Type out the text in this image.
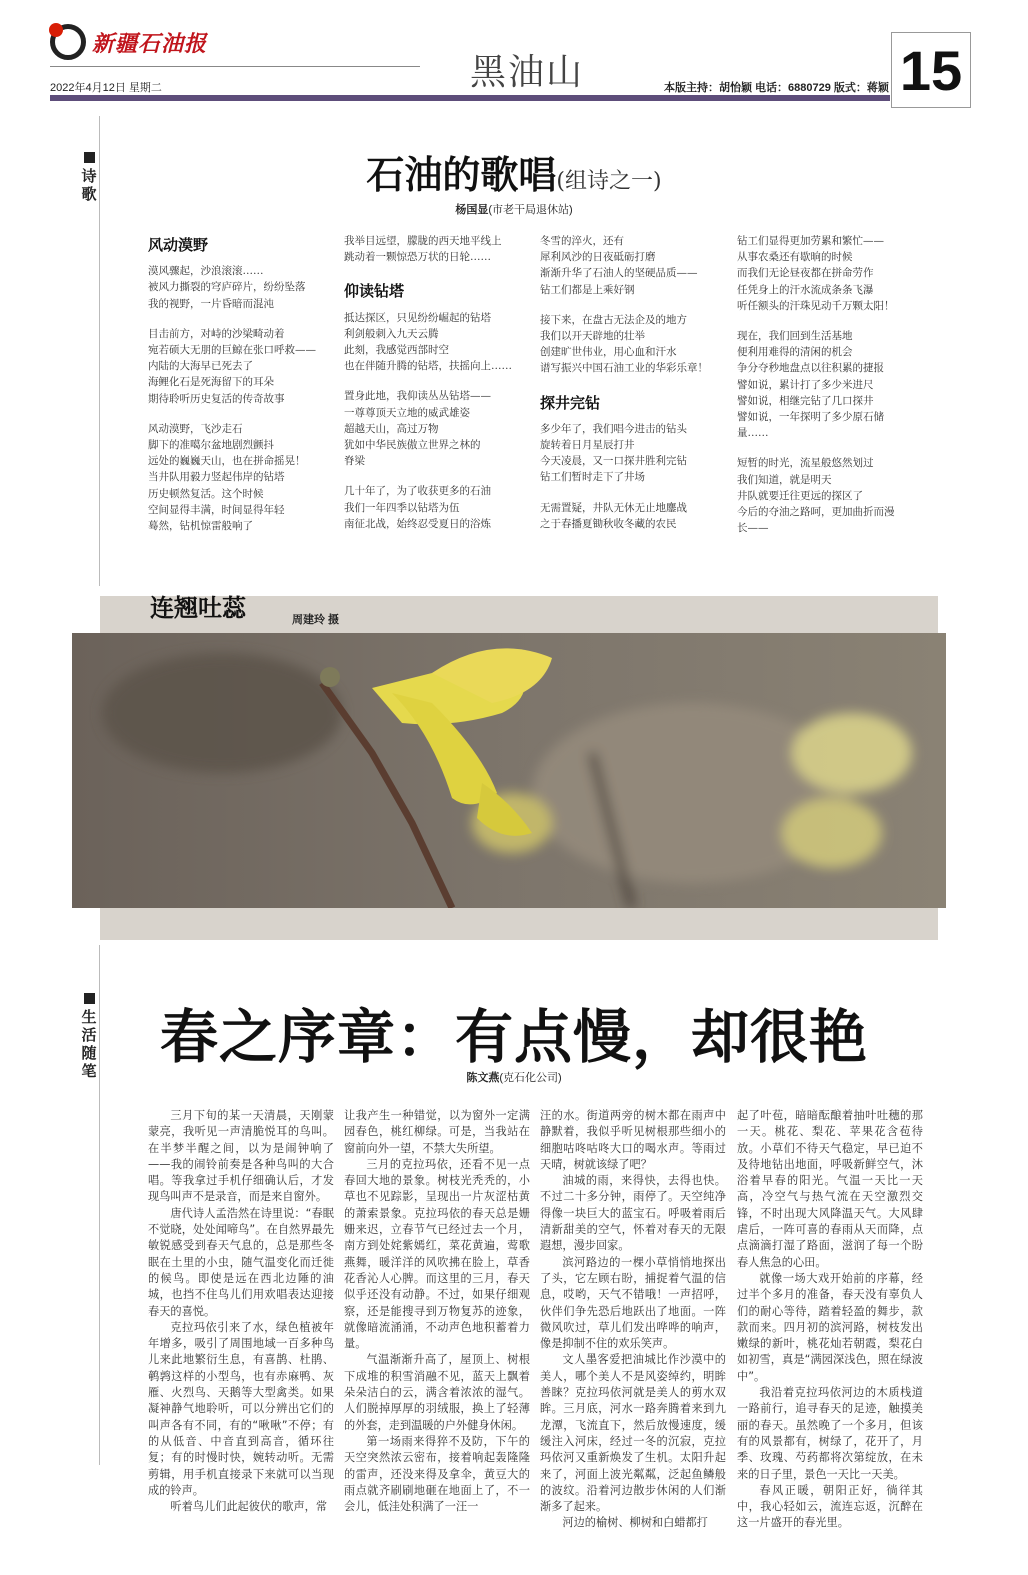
新疆石油报
2022年4月12日 星期二	黑油山	本版主持：胡怡颖 电话：6880729 版式：蒋颖 15
诗歌
生活随笔
石油的歌唱(组诗之一)
杨国显(市老干局退休站)
风动漠野
漠风骤起，沙浪滚滚……
被风力撕裂的穹庐碎片，纷纷坠落
我的视野，一片昏暗而混沌
目击前方，对峙的沙梁畸动着
宛若硕大无朋的巨鲸在张口呼救——
内陆的大海早已死去了
海鲤化石是死海留下的耳朵
期待聆听历史复活的传奇故事
风动漠野，飞沙走石
脚下的准噶尔盆地剧烈颤抖
远处的巍巍天山，也在拼命摇晃！
当井队用毅力竖起伟岸的钻塔
历史顿然复活。这个时候
空间显得丰满，时间显得年轻
蓦然，钻机惊雷般响了
我举目远望，朦胧的西天地平线上
跳动着一颗惊恐万状的日轮……
仰读钻塔
抵达探区，只见纷纷崛起的钻塔
利剑般刺入九天云腾
此刻，我感觉西部时空
也在伴随升腾的钻塔，扶摇向上……
置身此地，我仰读丛丛钻塔——
一尊尊顶天立地的威武雄姿
超越天山，高过万物
犹如中华民族傲立世界之林的
脊梁
几十年了，为了收获更多的石油
我们一年四季以钻塔为伍
南征北战，始终忍受夏日的浴炼
冬雪的淬火，还有
犀利风沙的日夜砥砺打磨
渐渐升华了石油人的坚硬品质——
钻工们都是上乘好钢
接下来，在盘古无法企及的地方
我们以开天辟地的壮举
创建旷世伟业，用心血和汗水
谱写振兴中国石油工业的华彩乐章！
探井完钻
多少年了，我们唱今进击的钻头
旋转着日月星辰打井
今天凌晨，又一口探井胜利完钻
钻工们暂时走下了井场
无需置疑，井队无休无止地鏖战
之于春播夏锄秋收冬藏的农民
钻工们显得更加劳累和繁忙——
从事农桑还有歇晌的时候
而我们无论昼夜都在拼命劳作
任凭身上的汗水流成条条飞瀑
听任额头的汗珠见动千万颗太阳！
现在，我们回到生活基地
便利用难得的清闲的机会
争分夺秒地盘点以往积累的捷报
譬如说，累计打了多少米进尺
譬如说，相继完钻了几口探井
譬如说，一年探明了多少原石储
量……
短暂的时光，流星般悠然划过
我们知道，就是明天
井队就要迁往更远的探区了
今后的夺油之路呵，更加曲折而漫
长——
连翘吐蕊	周建玲 摄
春之序章：有点慢，却很艳
陈文燕(克石化公司)

三月下旬的某一天清晨，天刚蒙蒙亮，我听见一声清脆悦耳的鸟叫。在半梦半醒之间，以为是闹钟响了——我的闹铃前奏是各种鸟叫的大合唱。等我拿过手机仔细确认后，才发现鸟叫声不是录音，而是来自窗外。

唐代诗人孟浩然在诗里说：“春眠不觉晓，处处闻啼鸟”。在自然界最先敏锐感受到春天气息的，总是那些冬眠在土里的小虫，随气温变化而迁徙的候鸟。即使是远在西北边陲的油城，也挡不住鸟儿们用欢唱表达迎接春天的喜悦。

克拉玛依引来了水，绿色植被年年增多，吸引了周围地域一百多种鸟儿来此地繁衍生息，有喜鹊、杜鹃、鹌鹑这样的小型鸟，也有赤麻鸭、灰雁、火烈鸟、天鹅等大型禽类。如果凝神静气地聆听，可以分辨出它们的叫声各有不同，有的“啾啾”不停；有的从低音、中音直到高音，循环往复；有的时慢时快，婉转动听。无需剪辑，用手机直接录下来就可以当现成的铃声。

听着鸟儿们此起彼伏的歌声，常

让我产生一种错觉，以为窗外一定满园春色，桃红柳绿。可是，当我站在窗前向外一望，不禁大失所望。

三月的克拉玛依，还看不见一点春回大地的景象。树枝光秃秃的，小草也不见踪影，呈现出一片灰涩枯黄的萧索景象。克拉玛依的春天总是姗姗来迟，立春节气已经过去一个月，南方到处姹紫嫣红，菜花黄遍，莺歌燕舞，暖洋洋的风吹拂在脸上，草香花香沁人心脾。而这里的三月，春天似乎还没有动静。不过，如果仔细观察，还是能搜寻到万物复苏的迹象，就像暗流涌涌，不动声色地积蓄着力量。

气温渐渐升高了，屋顶上、树根下成堆的积雪消融不见，蓝天上飘着朵朵洁白的云，满含着浓浓的湿气。人们脱掉厚厚的羽绒服，换上了轻薄的外套，走到温暖的户外健身休闲。

第一场雨来得猝不及防，下午的天空突然浓云密布，接着响起轰隆隆的雷声，还没来得及拿伞，黄豆大的雨点就齐刷刷地砸在地面上了，不一会儿，低洼处积满了一汪一

汪的水。街道两旁的树木都在雨声中静默着，我似乎听见树根那些细小的细胞咕咚咕咚大口的喝水声。等雨过天晴，树就该绿了吧？

油城的雨，来得快，去得也快。不过二十多分钟，雨停了。天空纯净得像一块巨大的蓝宝石。呼吸着雨后清新甜美的空气，怀着对春天的无限遐想，漫步回家。

滨河路边的一棵小草悄悄地探出了头，它左顾右盼，捕捉着气温的信息，哎哟，天气不错哦！一声招呼，伙伴们争先恐后地跃出了地面。一阵微风吹过，草儿们发出哗哗的响声，像是抑制不住的欢乐笑声。

文人墨客爱把油城比作沙漠中的美人，哪个美人不是风姿绰约，明眸善睐？克拉玛依河就是美人的剪水双眸。三月底，河水一路奔腾着来到九龙潭，飞流直下，然后放慢速度，缓缓注入河床，经过一冬的沉寂，克拉玛依河又重新焕发了生机。太阳升起来了，河面上波光粼粼，泛起鱼鳞般的波纹。沿着河边散步休闲的人们渐渐多了起来。

河边的榆树、柳树和白蜡都打

起了叶苞，暗暗酝酿着抽叶吐穗的那一天。桃花、梨花、苹果花含苞待放。小草们不待天气稳定，早已迫不及待地钻出地面，呼吸新鲜空气，沐浴着早春的阳光。气温一天比一天高，冷空气与热气流在天空激烈交锋，不时出现大风降温天气。大风肆虐后，一阵可喜的春雨从天而降，点点滴滴打湿了路面，滋润了每一个盼春人焦急的心田。

就像一场大戏开始前的序幕，经过半个多月的准备，春天没有辜负人们的耐心等待，踏着轻盈的舞步，款款而来。四月初的滨河路，树枝发出嫩绿的新叶，桃花灿若朝霞，梨花白如初雪，真是“满园深浅色，照在绿波中”。

我沿着克拉玛依河边的木质栈道一路前行，追寻春天的足迹，触摸美丽的春天。虽然晚了一个多月，但该有的风景都有，树绿了，花开了，月季、玫瑰、芍药都将次第绽放，在未来的日子里，景色一天比一天美。

春风正暖，朝阳正好，徜徉其中，我心轻如云，流连忘返，沉醉在这一片盛开的春光里。
